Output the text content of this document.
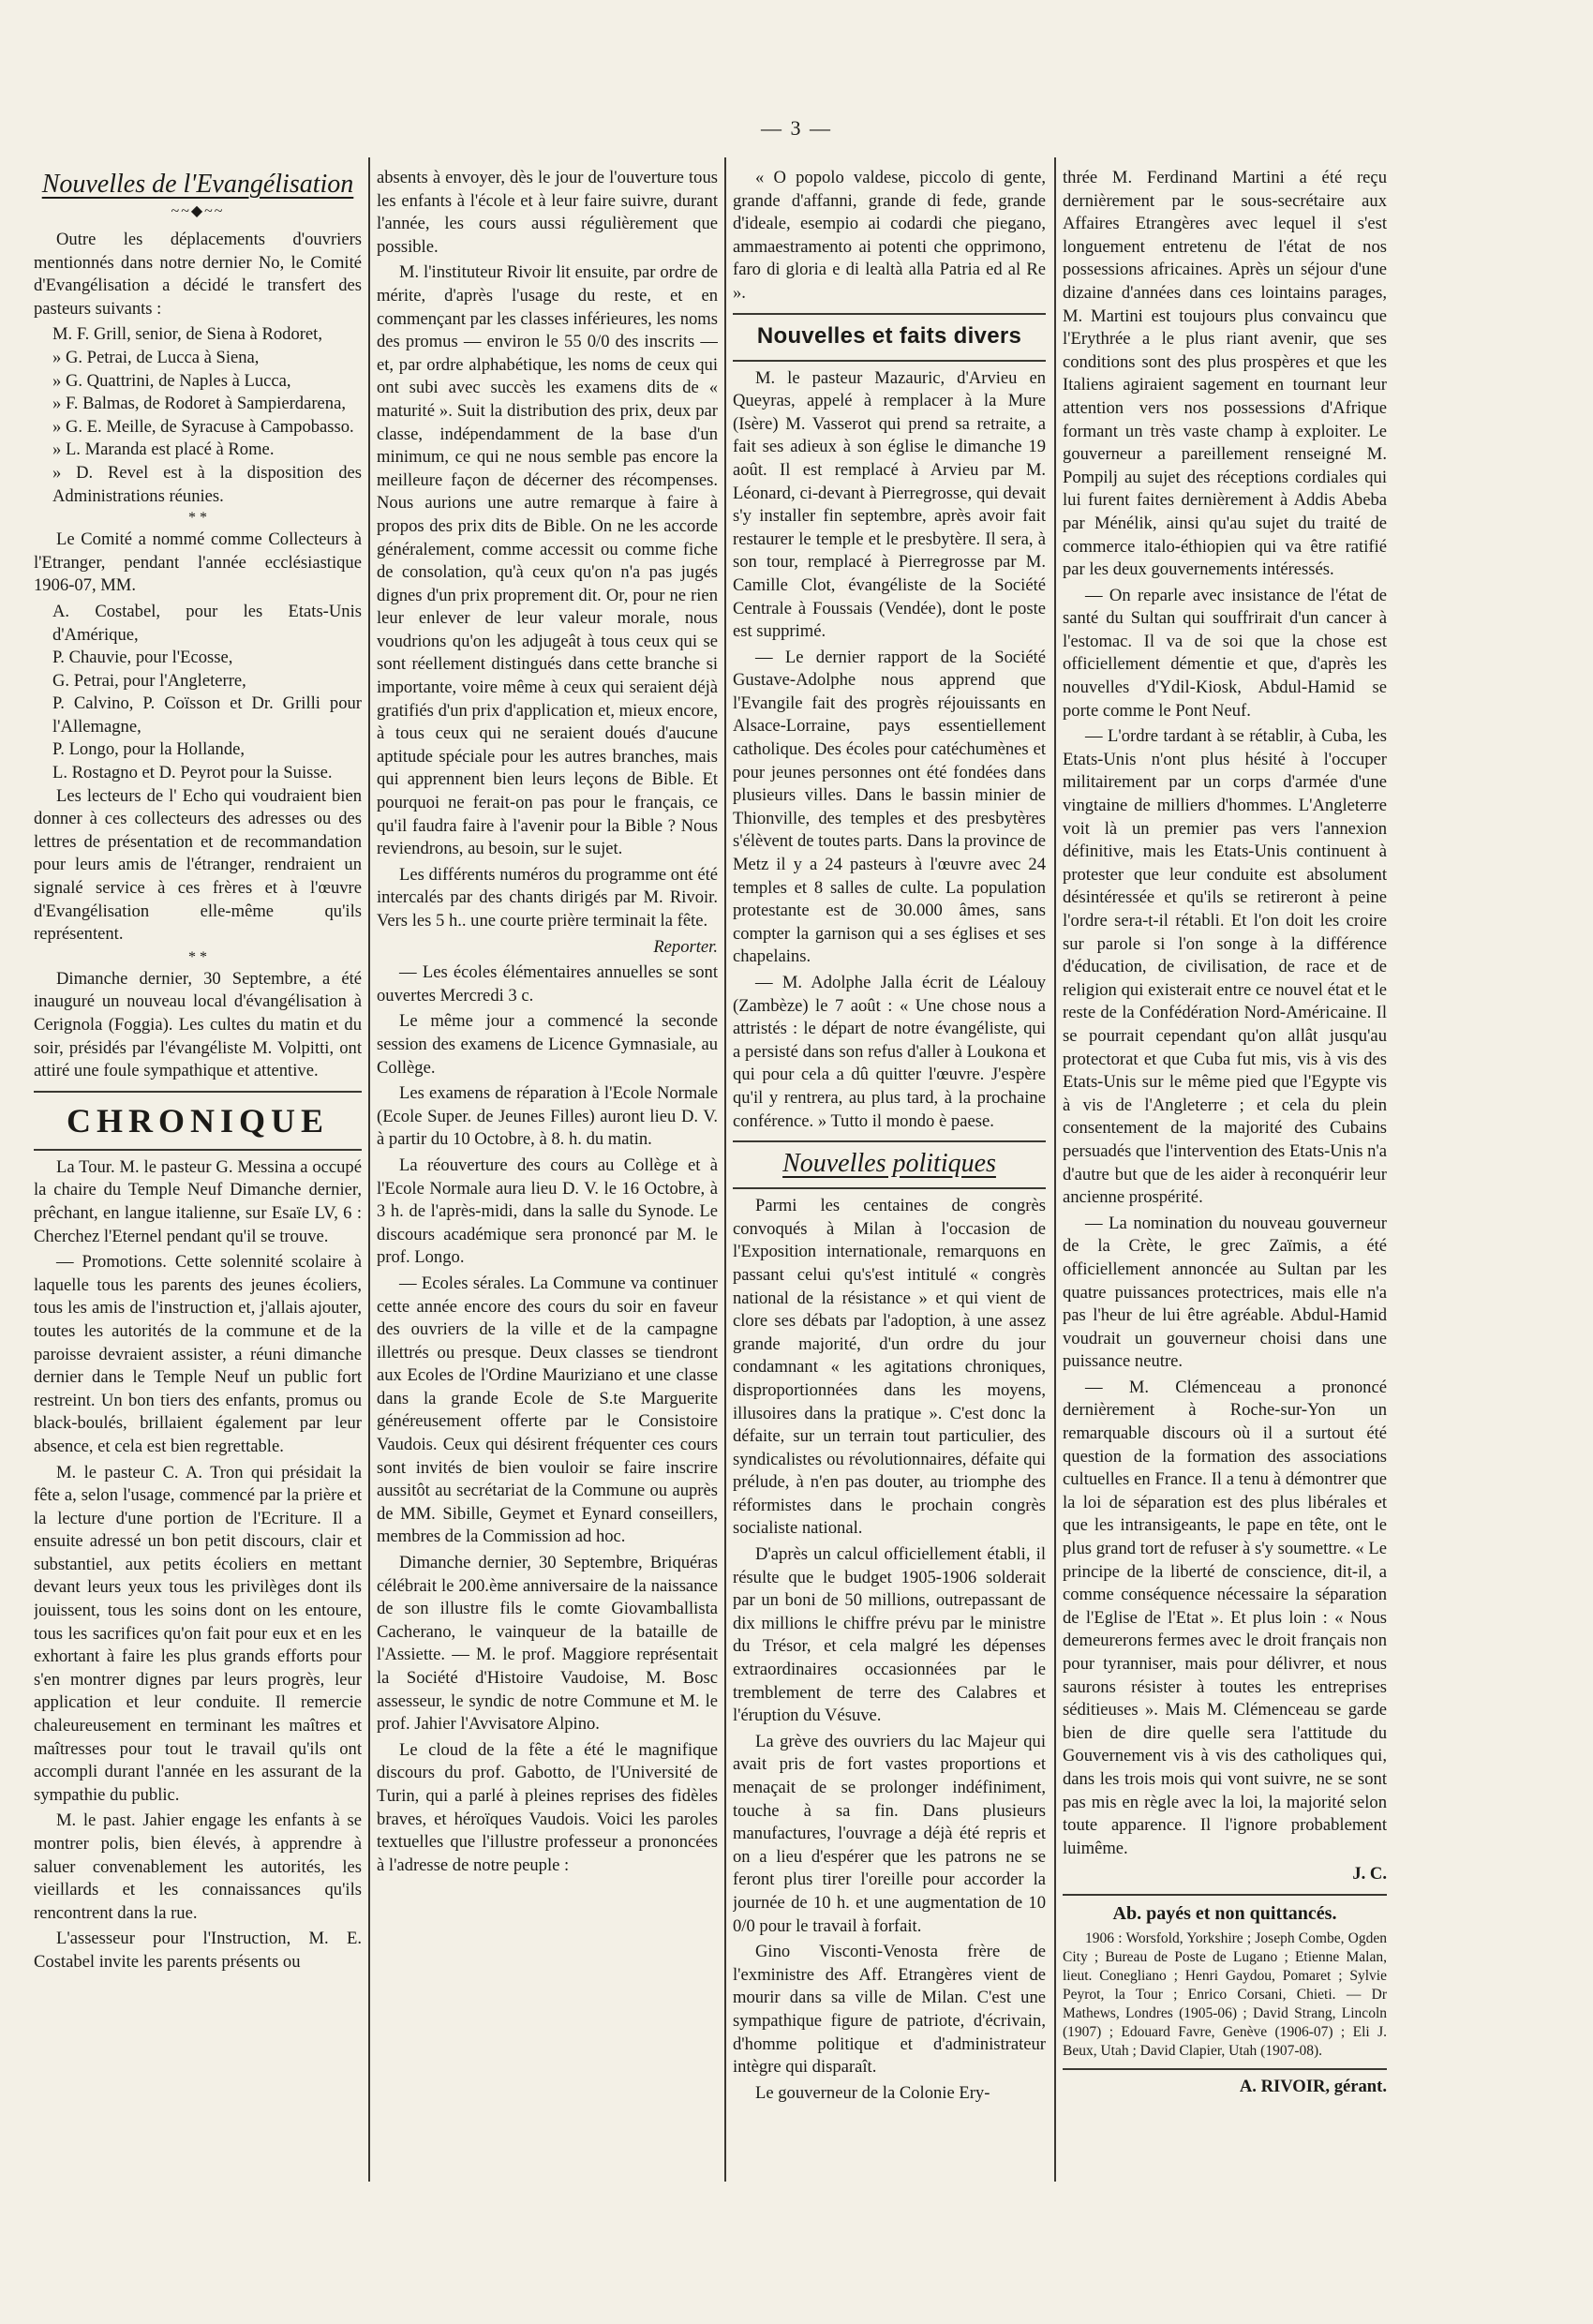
— 3 —
Nouvelles de l'Evangélisation
~~◆~~

Outre les déplacements d'ouvriers mentionnés dans notre dernier No, le Comité d'Evangélisation a décidé le transfert des pasteurs suivants :

M. F. Grill, senior, de Siena à Rodoret,
» G. Petrai, de Lucca à Siena,
» G. Quattrini, de Naples à Lucca,
» F. Balmas, de Rodoret à Sampierdarena,
» G. E. Meille, de Syracuse à Campobasso.
» L. Maranda est placé à Rome.
» D. Revel est à la disposition des Administrations réunies.
* *

Le Comité a nommé comme Collecteurs à l'Etranger, pendant l'année ecclésiastique 1906-07, MM.

A. Costabel, pour les Etats-Unis d'Amérique,
P. Chauvie, pour l'Ecosse,
G. Petrai, pour l'Angleterre,
P. Calvino, P. Coïsson et Dr. Grilli pour l'Allemagne,
P. Longo, pour la Hollande,
L. Rostagno et D. Peyrot pour la Suisse.

Les lecteurs de l' Echo qui voudraient bien donner à ces collecteurs des adresses ou des lettres de présentation et de recommandation pour leurs amis de l'étranger, rendraient un signalé service à ces frères et à l'œuvre d'Evangélisation elle-même qu'ils représentent.

* *

Dimanche dernier, 30 Septembre, a été inauguré un nouveau local d'évangélisation à Cerignola (Foggia). Les cultes du matin et du soir, présidés par l'évangéliste M. Volpitti, ont attiré une foule sympathique et attentive.

CHRONIQUE

La Tour. M. le pasteur G. Messina a occupé la chaire du Temple Neuf Dimanche dernier, prêchant, en langue italienne, sur Esaïe LV, 6 : Cherchez l'Eternel pendant qu'il se trouve.

— Promotions. Cette solennité scolaire à laquelle tous les parents des jeunes écoliers, tous les amis de l'instruction et, j'allais ajouter, toutes les autorités de la commune et de la paroisse devraient assister, a réuni dimanche dernier dans le Temple Neuf un public fort restreint. Un bon tiers des enfants, promus ou black-boulés, brillaient également par leur absence, et cela est bien regrettable.

M. le pasteur C. A. Tron qui présidait la fête a, selon l'usage, commencé par la prière et la lecture d'une portion de l'Ecriture. Il a ensuite adressé un bon petit discours, clair et substantiel, aux petits écoliers en mettant devant leurs yeux tous les privilèges dont ils jouissent, tous les soins dont on les entoure, tous les sacrifices qu'on fait pour eux et en les exhortant à faire les plus grands efforts pour s'en montrer dignes par leurs progrès, leur application et leur conduite. Il remercie chaleureusement en terminant les maîtres et maîtresses pour tout le travail qu'ils ont accompli durant l'année en les assurant de la sympathie du public.

M. le past. Jahier engage les enfants à se montrer polis, bien élevés, à apprendre à saluer convenablement les autorités, les vieillards et les connaissances qu'ils rencontrent dans la rue.

L'assesseur pour l'Instruction, M. E. Costabel invite les parents présents ou

absents à envoyer, dès le jour de l'ouverture tous les enfants à l'école et à leur faire suivre, durant l'année, les cours aussi régulièrement que possible.

M. l'instituteur Rivoir lit ensuite, par ordre de mérite, d'après l'usage du reste, et en commençant par les classes inférieures, les noms des promus — environ le 55 0/0 des inscrits — et, par ordre alphabétique, les noms de ceux qui ont subi avec succès les examens dits de « maturité ». Suit la distribution des prix, deux par classe, indépendamment de la base d'un minimum, ce qui ne nous semble pas encore la meilleure façon de décerner des récompenses. Nous aurions une autre remarque à faire à propos des prix dits de Bible. On ne les accorde généralement, comme accessit ou comme fiche de consolation, qu'à ceux qu'on n'a pas jugés dignes d'un prix proprement dit. Or, pour ne rien leur enlever de leur valeur morale, nous voudrions qu'on les adjugeât à tous ceux qui se sont réellement distingués dans cette branche si importante, voire même à ceux qui seraient déjà gratifiés d'un prix d'application et, mieux encore, à tous ceux qui ne seraient doués d'aucune aptitude spéciale pour les autres branches, mais qui apprennent bien leurs leçons de Bible. Et pourquoi ne ferait-on pas pour le français, ce qu'il faudra faire à l'avenir pour la Bible ? Nous reviendrons, au besoin, sur le sujet.

Les différents numéros du programme ont été intercalés par des chants dirigés par M. Rivoir. Vers les 5 h.. une courte prière terminait la fête.

Reporter.

— Les écoles élémentaires annuelles se sont ouvertes Mercredi 3 c.

Le même jour a commencé la seconde session des examens de Licence Gymnasiale, au Collège.

Les examens de réparation à l'Ecole Normale (Ecole Super. de Jeunes Filles) auront lieu D. V. à partir du 10 Octobre, à 8. h. du matin.

La réouverture des cours au Collège et à l'Ecole Normale aura lieu D. V. le 16 Octobre, à 3 h. de l'après-midi, dans la salle du Synode. Le discours académique sera prononcé par M. le prof. Longo.

— Ecoles sérales. La Commune va continuer cette année encore des cours du soir en faveur des ouvriers de la ville et de la campagne illettrés ou presque. Deux classes se tiendront aux Ecoles de l'Ordine Mauriziano et une classe dans la grande Ecole de S.te Marguerite généreusement offerte par le Consistoire Vaudois. Ceux qui désirent fréquenter ces cours sont invités de bien vouloir se faire inscrire aussitôt au secrétariat de la Commune ou auprès de MM. Sibille, Geymet et Eynard conseillers, membres de la Commission ad hoc.

Dimanche dernier, 30 Septembre, Briquéras célébrait le 200.ème anniversaire de la naissance de son illustre fils le comte Giovamballista Cacherano, le vainqueur de la bataille de l'Assiette. — M. le prof. Maggiore représentait la Société d'Histoire Vaudoise, M. Bosc assesseur, le syndic de notre Commune et M. le prof. Jahier l'Avvisatore Alpino.

Le cloud de la fête a été le magnifique discours du prof. Gabotto, de l'Université de Turin, qui a parlé à pleines reprises des fidèles braves, et héroïques Vaudois. Voici les paroles textuelles que l'illustre professeur a prononcées à l'adresse de notre peuple :

« O popolo valdese, piccolo di gente, grande d'affanni, grande di fede, grande d'ideale, esempio ai codardi che piegano, ammaestramento ai potenti che opprimono, faro di gloria e di lealtà alla Patria ed al Re ».

Nouvelles et faits divers

M. le pasteur Mazauric, d'Arvieu en Queyras, appelé à remplacer à la Mure (Isère) M. Vasserot qui prend sa retraite, a fait ses adieux à son église le dimanche 19 août. Il est remplacé à Arvieu par M. Léonard, ci-devant à Pierregrosse, qui devait s'y installer fin septembre, après avoir fait restaurer le temple et le presbytère. Il sera, à son tour, remplacé à Pierregrosse par M. Camille Clot, évangéliste de la Société Centrale à Foussais (Vendée), dont le poste est supprimé.

— Le dernier rapport de la Société Gustave-Adolphe nous apprend que l'Evangile fait des progrès réjouissants en Alsace-Lorraine, pays essentiellement catholique. Des écoles pour catéchumènes et pour jeunes personnes ont été fondées dans plusieurs villes. Dans le bassin minier de Thionville, des temples et des presbytères s'élèvent de toutes parts. Dans la province de Metz il y a 24 pasteurs à l'œuvre avec 24 temples et 8 salles de culte. La population protestante est de 30.000 âmes, sans compter la garnison qui a ses églises et ses chapelains.

— M. Adolphe Jalla écrit de Léalouy (Zambèze) le 7 août : « Une chose nous a attristés : le départ de notre évangéliste, qui a persisté dans son refus d'aller à Loukona et qui pour cela a dû quitter l'œuvre. J'espère qu'il y rentrera, au plus tard, à la prochaine conférence. » Tutto il mondo è paese.

Nouvelles politiques

Parmi les centaines de congrès convoqués à Milan à l'occasion de l'Exposition internationale, remarquons en passant celui qu's'est intitulé « congrès national de la résistance » et qui vient de clore ses débats par l'adoption, à une assez grande majorité, d'un ordre du jour condamnant « les agitations chroniques, disproportionnées dans les moyens, illusoires dans la pratique ». C'est donc la défaite, sur un terrain tout particulier, des syndicalistes ou révolutionnaires, défaite qui prélude, à n'en pas douter, au triomphe des réformistes dans le prochain congrès socialiste national.

D'après un calcul officiellement établi, il résulte que le budget 1905-1906 solderait par un boni de 50 millions, outrepassant de dix millions le chiffre prévu par le ministre du Trésor, et cela malgré les dépenses extraordinaires occasionnées par le tremblement de terre des Calabres et l'éruption du Vésuve.

La grève des ouvriers du lac Majeur qui avait pris de fort vastes proportions et menaçait de se prolonger indéfiniment, touche à sa fin. Dans plusieurs manufactures, l'ouvrage a déjà été repris et on a lieu d'espérer que les patrons ne se feront plus tirer l'oreille pour accorder la journée de 10 h. et une augmentation de 10 0/0 pour le travail à forfait.

Gino Visconti-Venosta frère de l'exministre des Aff. Etrangères vient de mourir dans sa ville de Milan. C'est une sympathique figure de patriote, d'écrivain, d'homme politique et d'administrateur intègre qui disparaît.

Le gouverneur de la Colonie Ery-

thrée M. Ferdinand Martini a été reçu dernièrement par le sous-secrétaire aux Affaires Etrangères avec lequel il s'est longuement entretenu de l'état de nos possessions africaines. Après un séjour d'une dizaine d'années dans ces lointains parages, M. Martini est toujours plus convaincu que l'Erythrée a le plus riant avenir, que ses conditions sont des plus prospères et que les Italiens agiraient sagement en tournant leur attention vers nos possessions d'Afrique formant un très vaste champ à exploiter. Le gouverneur a pareillement renseigné M. Pompilj au sujet des réceptions cordiales qui lui furent faites dernièrement à Addis Abeba par Ménélik, ainsi qu'au sujet du traité de commerce italo-éthiopien qui va être ratifié par les deux gouvernements intéressés.

— On reparle avec insistance de l'état de santé du Sultan qui souffrirait d'un cancer à l'estomac. Il va de soi que la chose est officiellement démentie et que, d'après les nouvelles d'Ydil-Kiosk, Abdul-Hamid se porte comme le Pont Neuf.

— L'ordre tardant à se rétablir, à Cuba, les Etats-Unis n'ont plus hésité à l'occuper militairement par un corps d'armée d'une vingtaine de milliers d'hommes. L'Angleterre voit là un premier pas vers l'annexion définitive, mais les Etats-Unis continuent à protester que leur conduite est absolument désintéressée et qu'ils se retireront à peine l'ordre sera-t-il rétabli. Et l'on doit les croire sur parole si l'on songe à la différence d'éducation, de civilisation, de race et de religion qui existerait entre ce nouvel état et le reste de la Confédération Nord-Américaine. Il se pourrait cependant qu'on allât jusqu'au protectorat et que Cuba fut mis, vis à vis des Etats-Unis sur le même pied que l'Egypte vis à vis de l'Angleterre ; et cela du plein consentement de la majorité des Cubains persuadés que l'intervention des Etats-Unis n'a d'autre but que de les aider à reconquérir leur ancienne prospérité.

— La nomination du nouveau gouverneur de la Crète, le grec Zaïmis, a été officiellement annoncée au Sultan par les quatre puissances protectrices, mais elle n'a pas l'heur de lui être agréable. Abdul-Hamid voudrait un gouverneur choisi dans une puissance neutre.

— M. Clémenceau a prononcé dernièrement à Roche-sur-Yon un remarquable discours où il a surtout été question de la formation des associations cultuelles en France. Il a tenu à démontrer que la loi de séparation est des plus libérales et que les intransigeants, le pape en tête, ont le plus grand tort de refuser à s'y soumettre. « Le principe de la liberté de conscience, dit-il, a comme conséquence nécessaire la séparation de l'Eglise de l'Etat ». Et plus loin : « Nous demeurerons fermes avec le droit français non pour tyranniser, mais pour délivrer, et nous saurons résister à toutes les entreprises séditieuses ». Mais M. Clémenceau se garde bien de dire quelle sera l'attitude du Gouvernement vis à vis des catholiques qui, dans les trois mois qui vont suivre, ne se sont pas mis en règle avec la loi, la majorité selon toute apparence. Il l'ignore probablement luimême.

J. C.

Ab. payés et non quittancés.

1906 : Worsfold, Yorkshire ; Joseph Combe, Ogden City ; Bureau de Poste de Lugano ; Etienne Malan, lieut. Conegliano ; Henri Gaydou, Pomaret ; Sylvie Peyrot, la Tour ; Enrico Corsani, Chieti. — Dr Mathews, Londres (1905-06) ; David Strang, Lincoln (1907) ; Edouard Favre, Genève (1906-07) ; Eli J. Beux, Utah ; David Clapier, Utah (1907-08).

A. RIVOIR, gérant.
